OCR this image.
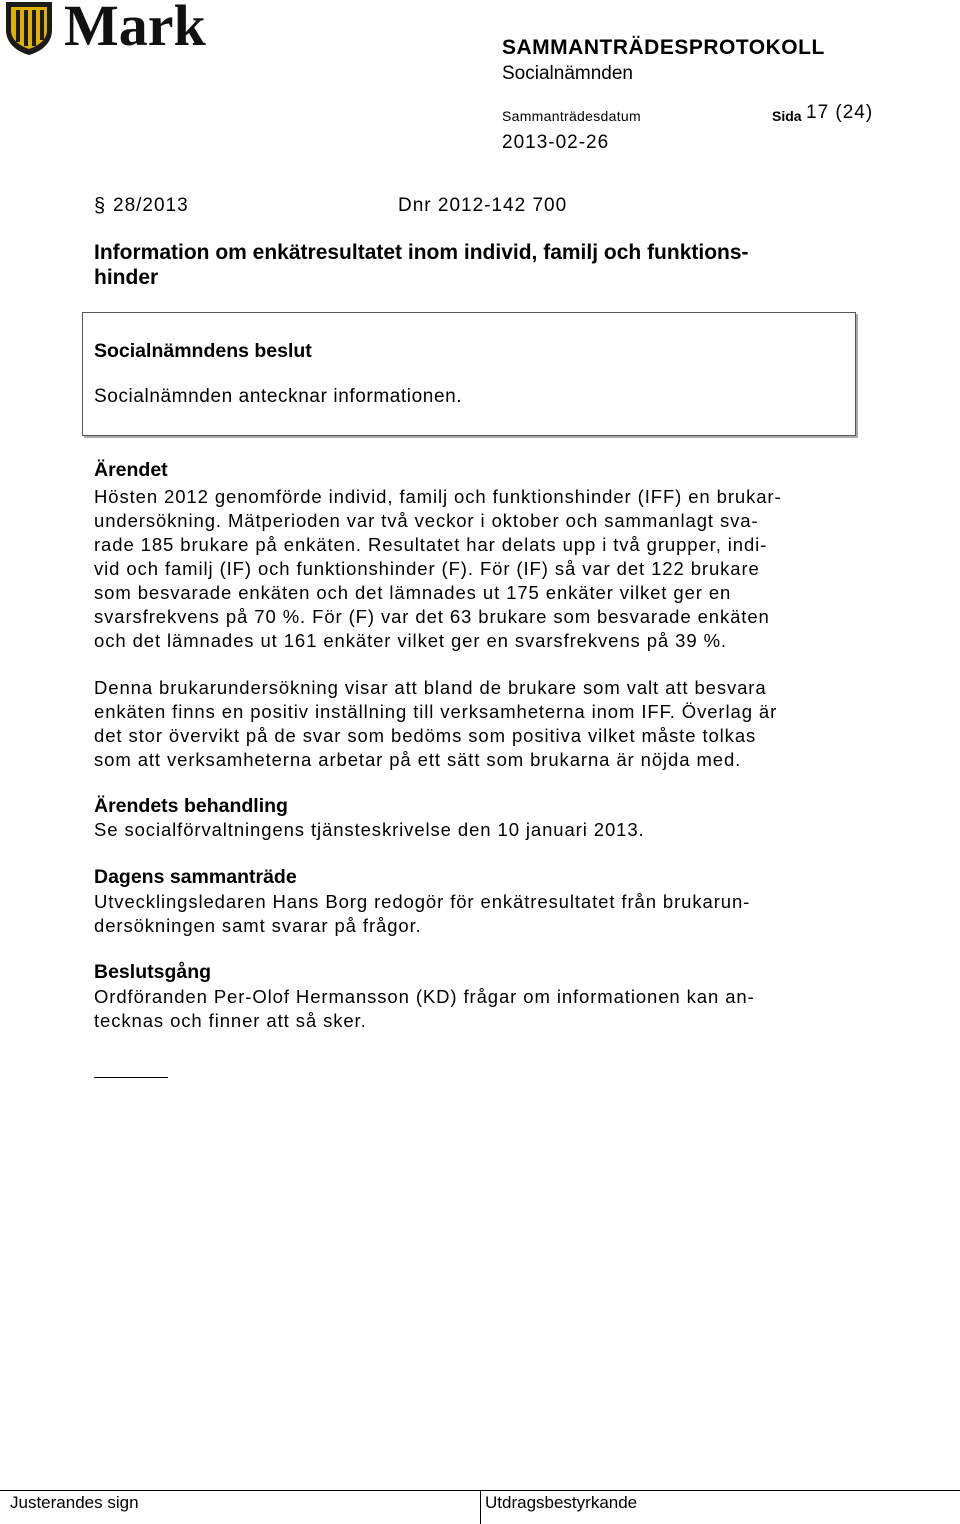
Mark	SAMMANTRÄDESPROTOKOLL
Socialnämnden
Sammanträdesdatum	Sida 17 (24)
2013-02-26
§ 28/2013	Dnr 2012-142 700
Information om enkätresultatet inom individ, familj och funktions-
hinder
Socialnämndens beslut
Socialnämnden antecknar informationen.
Ärendet
Hösten 2012 genomförde individ, familj och funktionshinder (IFF) en brukar-
undersökning. Mätperioden var två veckor i oktober och sammanlagt sva-
rade 185 brukare på enkäten. Resultatet har delats upp i två grupper, indi-
vid och familj (IF) och funktionshinder (F). För (IF) så var det 122 brukare
som besvarade enkäten och det lämnades ut 175 enkäter vilket ger en
svarsfrekvens på 70 %. För (F) var det 63 brukare som besvarade enkäten
och det lämnades ut 161 enkäter vilket ger en svarsfrekvens på 39 %.
Denna brukarundersökning visar att bland de brukare som valt att besvara
enkäten finns en positiv inställning till verksamheterna inom IFF. Överlag är
det stor övervikt på de svar som bedöms som positiva vilket måste tolkas
som att verksamheterna arbetar på ett sätt som brukarna är nöjda med.
Ärendets behandling
Se socialförvaltningens tjänsteskrivelse den 10 januari 2013.
Dagens sammanträde
Utvecklingsledaren Hans Borg redogör för enkätresultatet från brukarun-
dersökningen samt svarar på frågor.
Beslutsgång
Ordföranden Per-Olof Hermansson (KD) frågar om informationen kan an-
tecknas och finner att så sker.
Justerandes sign	Utdragsbestyrkande
